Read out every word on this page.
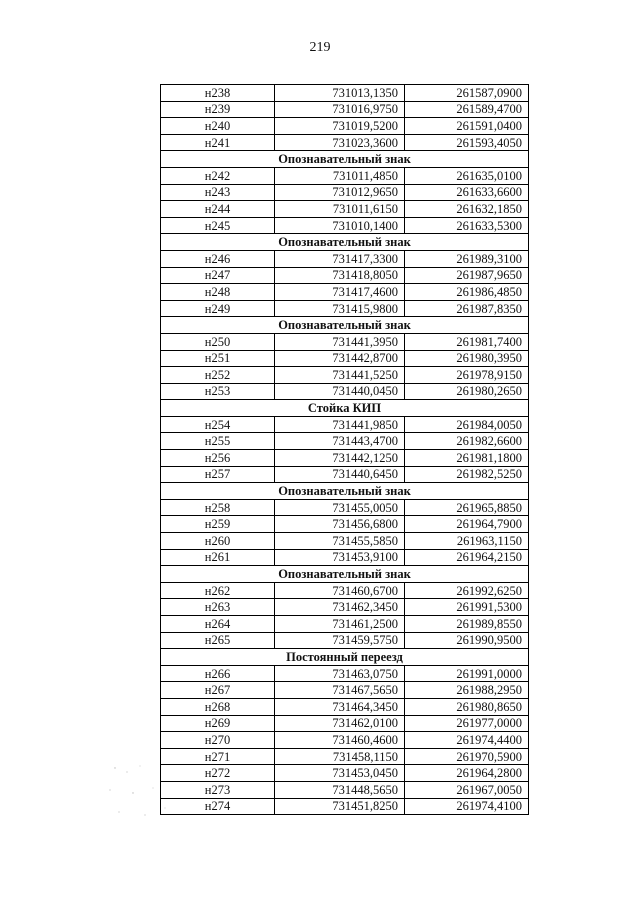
219
н238	731013,1350	261587,0900
н239	731016,9750	261589,4700
н240	731019,5200	261591,0400
н241	731023,3600	261593,4050
Опознавательный знак		
н242	731011,4850	261635,0100
н243	731012,9650	261633,6600
н244	731011,6150	261632,1850
н245	731010,1400	261633,5300
Опознавательный знак		
н246	731417,3300	261989,3100
н247	731418,8050	261987,9650
н248	731417,4600	261986,4850
н249	731415,9800	261987,8350
Опознавательный знак		
н250	731441,3950	261981,7400
н251	731442,8700	261980,3950
н252	731441,5250	261978,9150
н253	731440,0450	261980,2650
Стойка КИП		
н254	731441,9850	261984,0050
н255	731443,4700	261982,6600
н256	731442,1250	261981,1800
н257	731440,6450	261982,5250
Опознавательный знак		
н258	731455,0050	261965,8850
н259	731456,6800	261964,7900
н260	731455,5850	261963,1150
н261	731453,9100	261964,2150
Опознавательный знак		
н262	731460,6700	261992,6250
н263	731462,3450	261991,5300
н264	731461,2500	261989,8550
н265	731459,5750	261990,9500
Постоянный переезд		
н266	731463,0750	261991,0000
н267	731467,5650	261988,2950
н268	731464,3450	261980,8650
н269	731462,0100	261977,0000
н270	731460,4600	261974,4400
н271	731458,1150	261970,5900
н272	731453,0450	261964,2800
н273	731448,5650	261967,0050
н274	731451,8250	261974,4100
